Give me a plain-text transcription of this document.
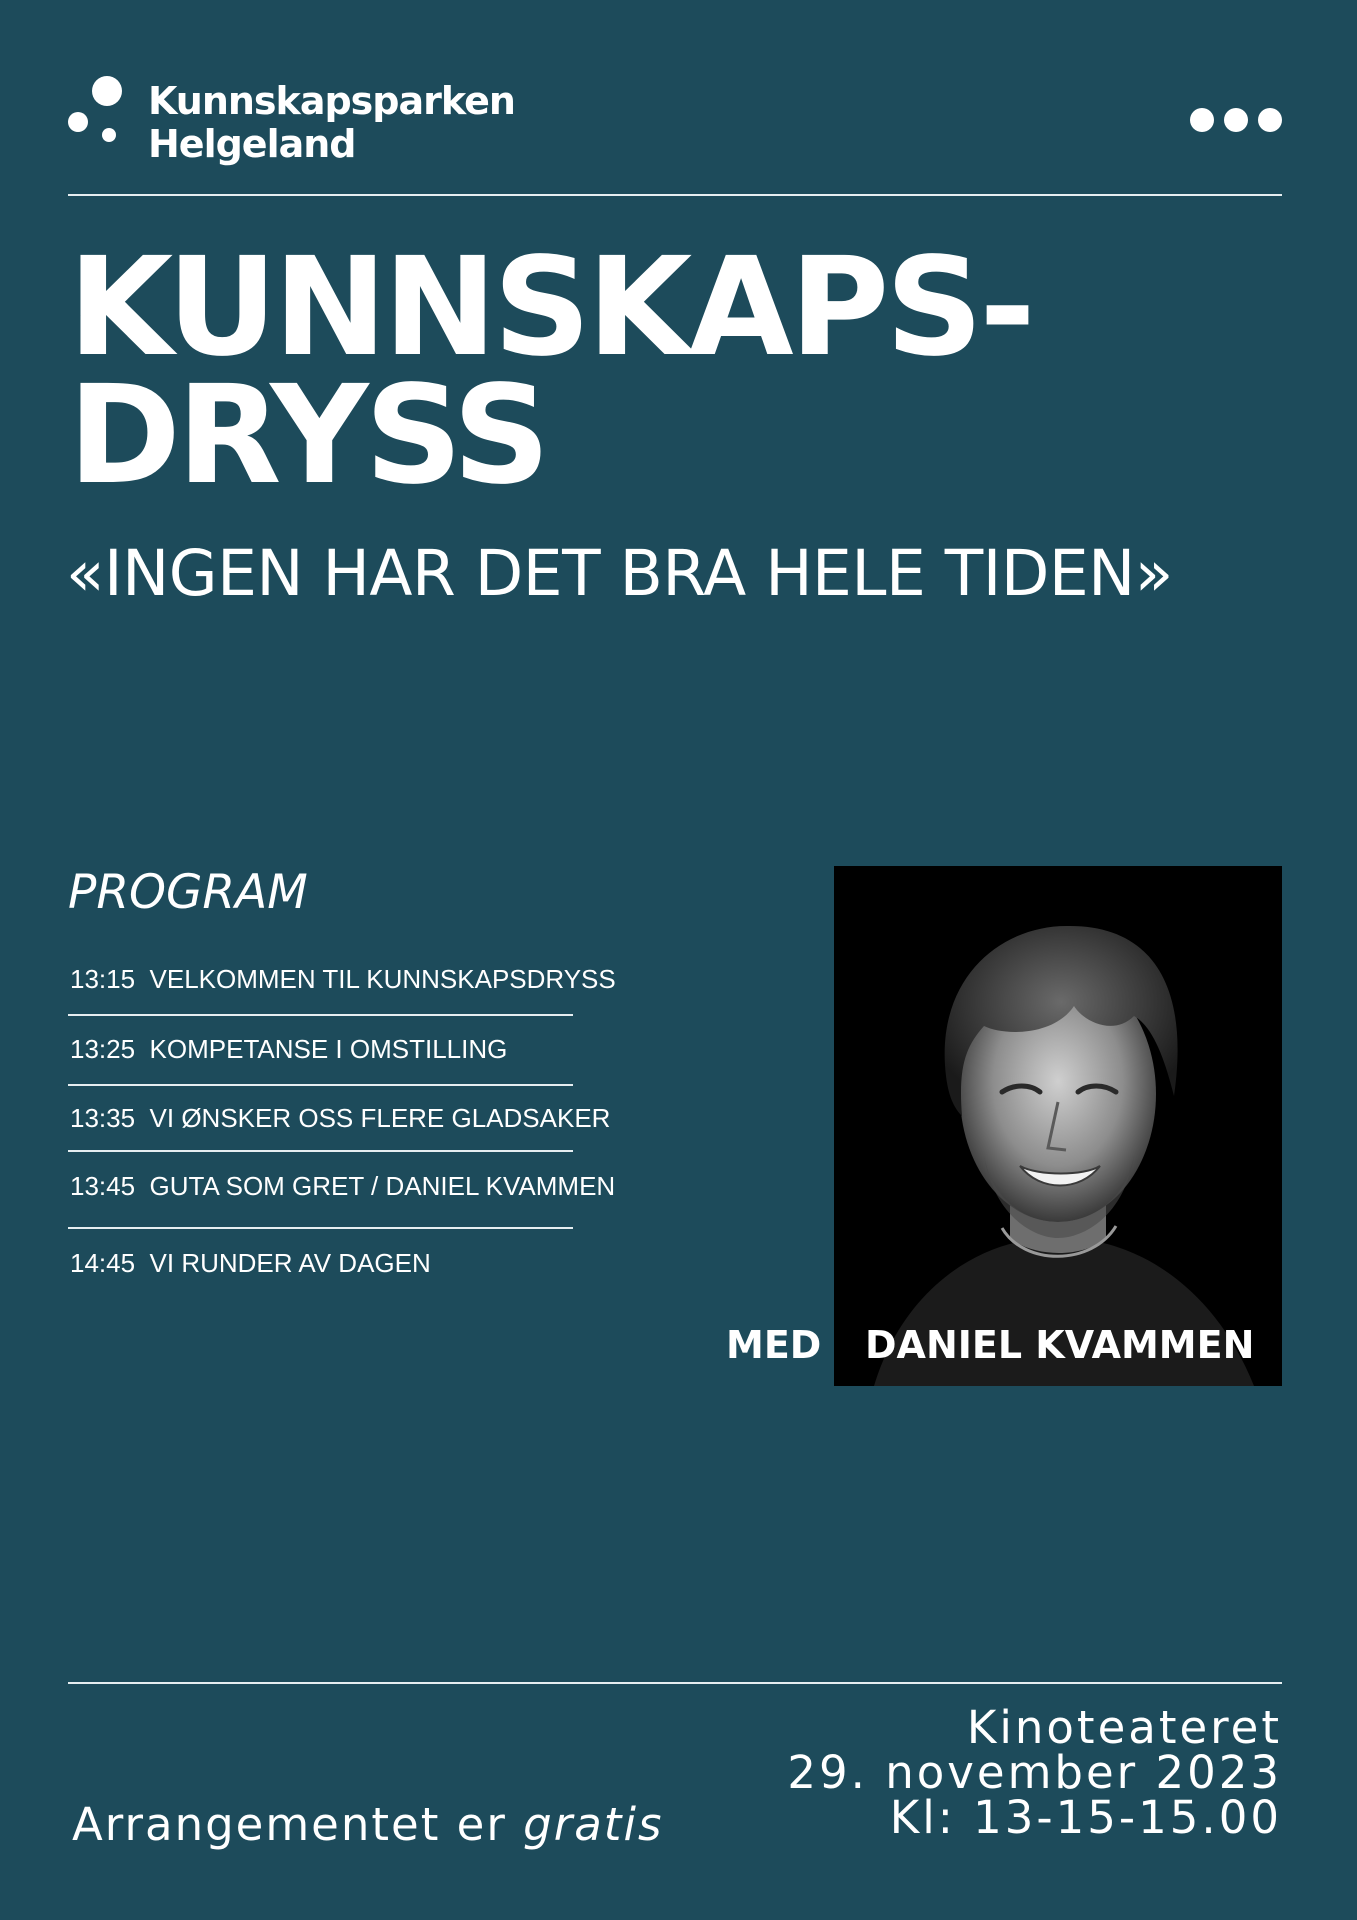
Kunnskapsparken
Helgeland
KUNNSKAPS-
DRYSS
«INGEN HAR DET BRA HELE TIDEN»
PROGRAM
13:15 VELKOMMEN TIL KUNNSKAPSDRYSS
13:25 KOMPETANSE I OMSTILLING
13:35 VI ØNSKER OSS FLERE GLADSAKER
13:45 GUTA SOM GRET / DANIEL KVAMMEN
14:45 VI RUNDER AV DAGEN
MED DANIEL KVAMMEN
Kinoteateret
29. november 2023
Kl: 13-15-15.00
Arrangementet er gratis
